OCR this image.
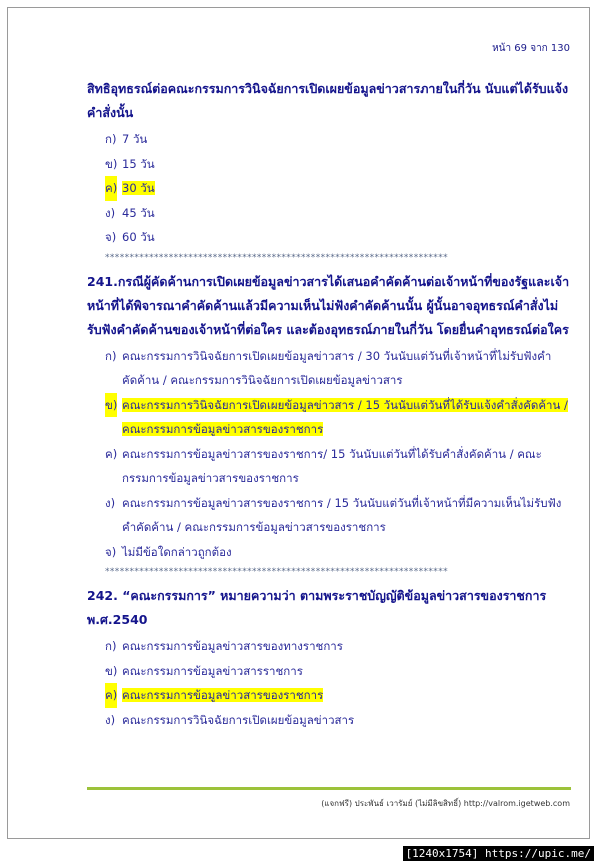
หน้า 69 จาก 130
สิทธิอุทธรณ์ต่อคณะกรรมการวินิจฉัยการเปิดเผยข้อมูลข่าวสารภายในกี่วัน นับแต่ได้รับแจ้งคำสั่งนั้น
ก) 7 วัน
ข) 15 วัน
ค) 30 วัน
ง) 45 วัน
จ) 60 วัน
**********************************************************************
241.กรณีผู้คัดค้านการเปิดเผยข้อมูลข่าวสารได้เสนอคำคัดค้านต่อเจ้าหน้าที่ของรัฐและเจ้าหน้าที่ได้พิจารณาคำคัดค้านแล้วมีความเห็นไม่ฟังคำคัดค้านนั้น ผู้นั้นอาจอุทธรณ์คำสั่งไม่รับฟังคำคัดค้านของเจ้าหน้าที่ต่อใคร และต้องอุทธรณ์ภายในกี่วัน โดยยื่นคำอุทธรณ์ต่อใคร
ก) คณะกรรมการวินิจฉัยการเปิดเผยข้อมูลข่าวสาร / 30 วันนับแต่วันที่เจ้าหน้าที่ไม่รับฟังคำคัดค้าน / คณะกรรมการวินิจฉัยการเปิดเผยข้อมูลข่าวสาร
ข) คณะกรรมการวินิจฉัยการเปิดเผยข้อมูลข่าวสาร / 15 วันนับแต่วันที่ได้รับแจ้งคำสั่งคัดค้าน / คณะกรรมการข้อมูลข่าวสารของราชการ
ค) คณะกรรมการข้อมูลข่าวสารของราชการ/ 15 วันนับแต่วันที่ได้รับคำสั่งคัดค้าน / คณะกรรมการข้อมูลข่าวสารของราชการ
ง) คณะกรรมการข้อมูลข่าวสารของราชการ / 15 วันนับแต่วันที่เจ้าหน้าที่มีความเห็นไม่รับฟังคำคัดค้าน / คณะกรรมการข้อมูลข่าวสารของราชการ
จ) ไม่มีข้อใดกล่าวถูกต้อง
**********************************************************************
242. “คณะกรรมการ” หมายความว่า ตามพระราชบัญญัติข้อมูลข่าวสารของราชการ พ.ศ.2540
ก) คณะกรรมการข้อมูลข่าวสารของทางราชการ
ข) คณะกรรมการข้อมูลข่าวสารราชการ
ค) คณะกรรมการข้อมูลข่าวสารของราชการ
ง) คณะกรรมการวินิจฉัยการเปิดเผยข้อมูลข่าวสาร
(แจกฟรี) ประพันธ์ เวารัมย์ (ไม่มีลิขสิทธิ์) http://valrom.igetweb.com
[1240x1754] https://upic.me/
